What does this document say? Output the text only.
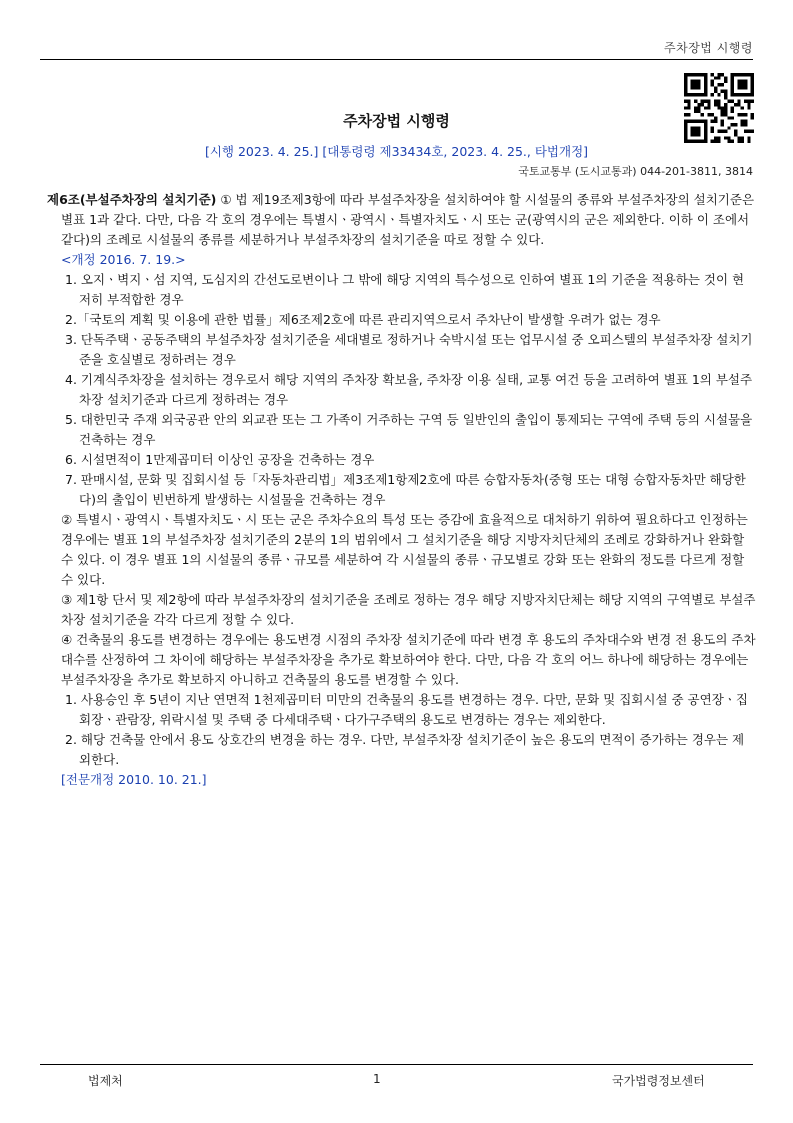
주차장법 시행령
주차장법 시행령
[시행 2023. 4. 25.] [대통령령 제33434호, 2023. 4. 25., 타법개정]
국토교통부 (도시교통과) 044-201-3811, 3814

제6조(부설주차장의 설치기준) ① 법 제19조제3항에 따라 부설주차장을 설치하여야 할 시설물의 종류와 부설주차장의 설치기준은 별표 1과 같다. 다만, 다음 각 호의 경우에는 특별시ㆍ광역시ㆍ특별자치도ㆍ시 또는 군(광역시의 군은 제외한다. 이하 이 조에서 같다)의 조례로 시설물의 종류를 세분하거나 부설주차장의 설치기준을 따로 정할 수 있다.

<개정 2016. 7. 19.>

1. 오지ㆍ벽지ㆍ섬 지역, 도심지의 간선도로변이나 그 밖에 해당 지역의 특수성으로 인하여 별표 1의 기준을 적용하는 것이 현저히 부적합한 경우

2.「국토의 계획 및 이용에 관한 법률」제6조제2호에 따른 관리지역으로서 주차난이 발생할 우려가 없는 경우

3. 단독주택ㆍ공동주택의 부설주차장 설치기준을 세대별로 정하거나 숙박시설 또는 업무시설 중 오피스텔의 부설주차장 설치기준을 호실별로 정하려는 경우

4. 기계식주차장을 설치하는 경우로서 해당 지역의 주차장 확보율, 주차장 이용 실태, 교통 여건 등을 고려하여 별표 1의 부설주차장 설치기준과 다르게 정하려는 경우

5. 대한민국 주재 외국공관 안의 외교관 또는 그 가족이 거주하는 구역 등 일반인의 출입이 통제되는 구역에 주택 등의 시설물을 건축하는 경우

6. 시설면적이 1만제곱미터 이상인 공장을 건축하는 경우

7. 판매시설, 문화 및 집회시설 등「자동차관리법」제3조제1항제2호에 따른 승합자동차(중형 또는 대형 승합자동차만 해당한다)의 출입이 빈번하게 발생하는 시설물을 건축하는 경우

② 특별시ㆍ광역시ㆍ특별자치도ㆍ시 또는 군은 주차수요의 특성 또는 증감에 효율적으로 대처하기 위하여 필요하다고 인정하는 경우에는 별표 1의 부설주차장 설치기준의 2분의 1의 범위에서 그 설치기준을 해당 지방자치단체의 조례로 강화하거나 완화할 수 있다. 이 경우 별표 1의 시설물의 종류ㆍ규모를 세분하여 각 시설물의 종류ㆍ규모별로 강화 또는 완화의 정도를 다르게 정할 수 있다.

③ 제1항 단서 및 제2항에 따라 부설주차장의 설치기준을 조례로 정하는 경우 해당 지방자치단체는 해당 지역의 구역별로 부설주차장 설치기준을 각각 다르게 정할 수 있다.

④ 건축물의 용도를 변경하는 경우에는 용도변경 시점의 주차장 설치기준에 따라 변경 후 용도의 주차대수와 변경 전 용도의 주차대수를 산정하여 그 차이에 해당하는 부설주차장을 추가로 확보하여야 한다. 다만, 다음 각 호의 어느 하나에 해당하는 경우에는 부설주차장을 추가로 확보하지 아니하고 건축물의 용도를 변경할 수 있다.

1. 사용승인 후 5년이 지난 연면적 1천제곱미터 미만의 건축물의 용도를 변경하는 경우. 다만, 문화 및 집회시설 중 공연장ㆍ집회장ㆍ관람장, 위락시설 및 주택 중 다세대주택ㆍ다가구주택의 용도로 변경하는 경우는 제외한다.

2. 해당 건축물 안에서 용도 상호간의 변경을 하는 경우. 다만, 부설주차장 설치기준이 높은 용도의 면적이 증가하는 경우는 제외한다.

[전문개정 2010. 10. 21.]

법제처	1	국가법령정보센터
